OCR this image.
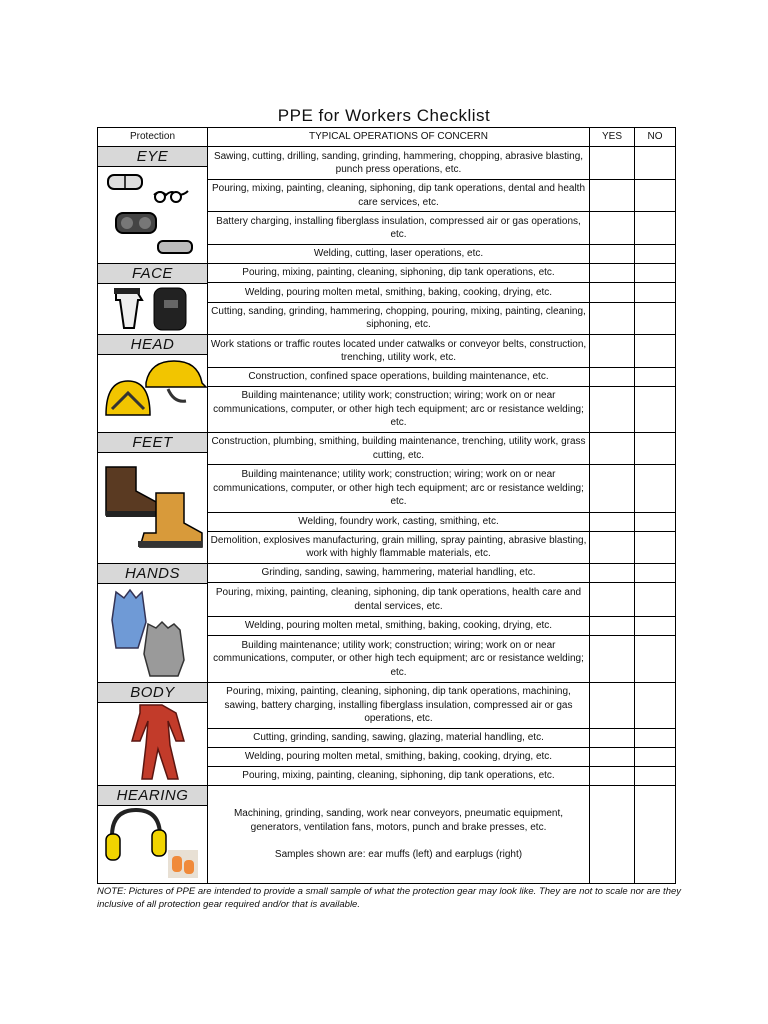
PPE for Workers Checklist
Protection	TYPICAL OPERATIONS OF CONCERN	YES	NO

EYE	Sawing, cutting, drilling, sanding, grinding, hammering, chopping, abrasive blasting, punch press operations, etc.		
	Pouring, mixing, painting, cleaning, siphoning, dip tank operations, dental and health care services, etc.		
	Battery charging, installing fiberglass insulation, compressed air or gas operations, etc.		
	Welding, cutting, laser operations, etc.		

FACE	Pouring, mixing, painting, cleaning, siphoning, dip tank operations, etc.		
	Welding, pouring molten metal, smithing, baking, cooking, drying, etc.		
	Cutting, sanding, grinding, hammering, chopping, pouring, mixing, painting, cleaning, siphoning, etc.		

HEAD	Work stations or traffic routes located under catwalks or conveyor belts, construction, trenching, utility work, etc.		
	Construction, confined space operations, building maintenance, etc.		
	Building maintenance; utility work; construction; wiring; work on or near communications, computer, or other high tech equipment; arc or resistance welding; etc.		

FEET	Construction, plumbing, smithing, building maintenance, trenching, utility work, grass cutting, etc.		
	Building maintenance; utility work; construction; wiring; work on or near communications, computer, or other high tech equipment; arc or resistance welding; etc.		
	Welding, foundry work, casting, smithing, etc.		
	Demolition, explosives manufacturing, grain milling, spray painting, abrasive blasting, work with highly flammable materials, etc.		

HANDS	Grinding, sanding, sawing, hammering, material handling, etc.		
	Pouring, mixing, painting, cleaning, siphoning, dip tank operations, health care and dental services, etc.		
	Welding, pouring molten metal, smithing, baking, cooking, drying, etc.		
	Building maintenance; utility work; construction; wiring; work on or near communications, computer, or other high tech equipment; arc or resistance welding; etc.		

BODY	Pouring, mixing, painting, cleaning, siphoning, dip tank operations, machining, sawing, battery charging, installing fiberglass insulation, compressed air or gas operations, etc.		
	Cutting, grinding, sanding, sawing, glazing, material handling, etc.		
	Welding, pouring molten metal, smithing, baking, cooking, drying, etc.		
	Pouring, mixing, painting, cleaning, siphoning, dip tank operations, etc.		

HEARING	Machining, grinding, sanding, work near conveyors, pneumatic equipment, generators, ventilation fans, motors, punch and brake presses, etc.
Samples shown are: ear muffs (left) and earplugs (right)		

NOTE: Pictures of PPE are intended to provide a small sample of what the protection gear may look like. They are not to scale nor are they inclusive of all protection gear required and/or that is available.
